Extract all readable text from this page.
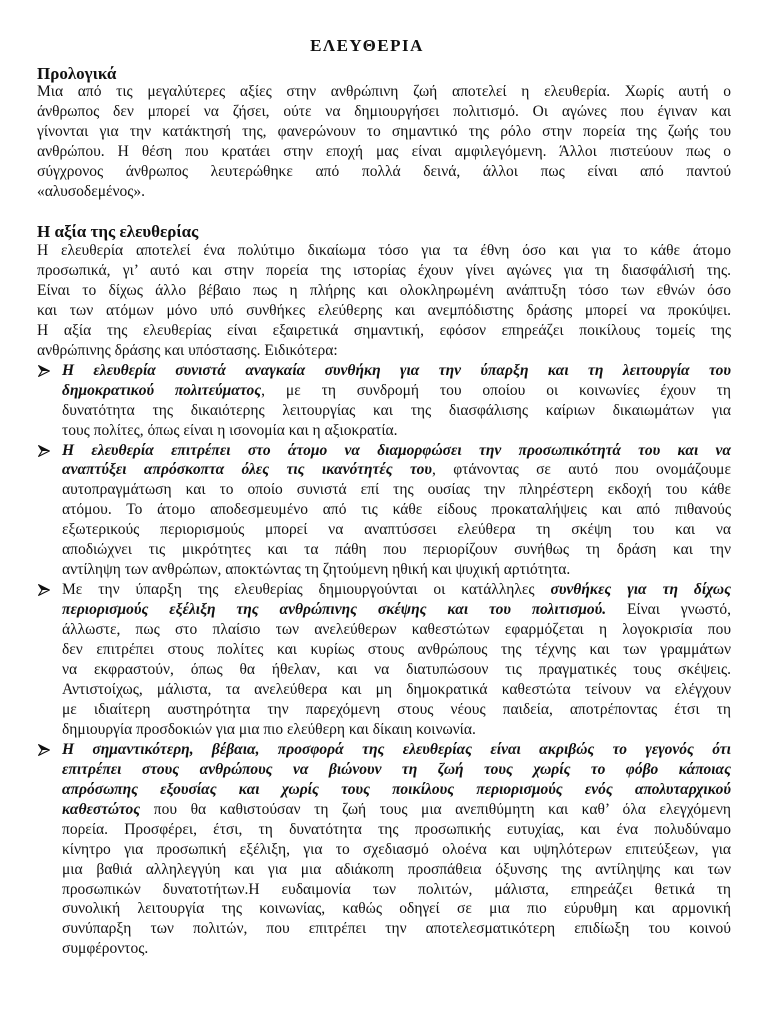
ΕΛΕΥΘΕΡΙΑ
Προλογικά
Μια από τις μεγαλύτερες αξίες στην ανθρώπινη ζωή αποτελεί η ελευθερία. Χωρίς αυτή ο
άνθρωπος δεν μπορεί να ζήσει, ούτε να δημιουργήσει πολιτισμό. Οι αγώνες που έγιναν και
γίνονται για την κατάκτησή της, φανερώνουν το σημαντικό της ρόλο στην πορεία της ζωής του
ανθρώπου. Η θέση που κρατάει στην εποχή μας είναι αμφιλεγόμενη. Άλλοι πιστεύουν πως ο
σύγχρονος άνθρωπος λευτερώθηκε από πολλά δεινά, άλλοι πως είναι από παντού
«αλυσοδεμένος».
Η αξία της ελευθερίας
Η ελευθερία αποτελεί ένα πολύτιμο δικαίωμα τόσο για τα έθνη όσο και για το κάθε άτομο
προσωπικά, γι’ αυτό και στην πορεία της ιστορίας έχουν γίνει αγώνες για τη διασφάλισή της.
Είναι το δίχως άλλο βέβαιο πως η πλήρης και ολοκληρωμένη ανάπτυξη τόσο των εθνών όσο
και των ατόμων μόνο υπό συνθήκες ελεύθερης και ανεμπόδιστης δράσης μπορεί να προκύψει.
Η αξία της ελευθερίας είναι εξαιρετικά σημαντική, εφόσον επηρεάζει ποικίλους τομείς της
ανθρώπινης δράσης και υπόστασης. Ειδικότερα:
Η ελευθερία συνιστά αναγκαία συνθήκη για την ύπαρξη και τη λειτουργία του
δημοκρατικού πολιτεύματος, με τη συνδρομή του οποίου οι κοινωνίες έχουν τη
δυνατότητα της δικαιότερης λειτουργίας και της διασφάλισης καίριων δικαιωμάτων για
τους πολίτες, όπως είναι η ισονομία και η αξιοκρατία.
Η ελευθερία επιτρέπει στο άτομο να διαμορφώσει την προσωπικότητά του και να
αναπτύξει απρόσκοπτα όλες τις ικανότητές του, φτάνοντας σε αυτό που ονομάζουμε
αυτοπραγμάτωση και το οποίο συνιστά επί της ουσίας την πληρέστερη εκδοχή του κάθε
ατόμου. Το άτομο αποδεσμευμένο από τις κάθε είδους προκαταλήψεις και από πιθανούς
εξωτερικούς περιορισμούς μπορεί να αναπτύσσει ελεύθερα τη σκέψη του και να
αποδιώχνει τις μικρότητες και τα πάθη που περιορίζουν συνήθως τη δράση και την
αντίληψη των ανθρώπων, αποκτώντας τη ζητούμενη ηθική και ψυχική αρτιότητα.
Με την ύπαρξη της ελευθερίας δημιουργούνται οι κατάλληλες συνθήκες για τη δίχως
περιορισμούς εξέλιξη της ανθρώπινης σκέψης και του πολιτισμού. Είναι γνωστό,
άλλωστε, πως στο πλαίσιο των ανελεύθερων καθεστώτων εφαρμόζεται η λογοκρισία που
δεν επιτρέπει στους πολίτες και κυρίως στους ανθρώπους της τέχνης και των γραμμάτων
να εκφραστούν, όπως θα ήθελαν, και να διατυπώσουν τις πραγματικές τους σκέψεις.
Αντιστοίχως, μάλιστα, τα ανελεύθερα και μη δημοκρατικά καθεστώτα τείνουν να ελέγχουν
με ιδιαίτερη αυστηρότητα την παρεχόμενη στους νέους παιδεία, αποτρέποντας έτσι τη
δημιουργία προσδοκιών για μια πιο ελεύθερη και δίκαιη κοινωνία.
Η σημαντικότερη, βέβαια, προσφορά της ελευθερίας είναι ακριβώς το γεγονός ότι
επιτρέπει στους ανθρώπους να βιώνουν τη ζωή τους χωρίς το φόβο κάποιας
απρόσωπης εξουσίας και χωρίς τους ποικίλους περιορισμούς ενός απολυταρχικού
καθεστώτος που θα καθιστούσαν τη ζωή τους μια ανεπιθύμητη και καθ’ όλα ελεγχόμενη
πορεία. Προσφέρει, έτσι, τη δυνατότητα της προσωπικής ευτυχίας, και ένα πολυδύναμο
κίνητρο για προσωπική εξέλιξη, για το σχεδιασμό ολοένα και υψηλότερων επιτεύξεων, για
μια βαθιά αλληλεγγύη και για μια αδιάκοπη προσπάθεια όξυνσης της αντίληψης και των
προσωπικών δυνατοτήτων.Η ευδαιμονία των πολιτών, μάλιστα, επηρεάζει θετικά τη
συνολική λειτουργία της κοινωνίας, καθώς οδηγεί σε μια πιο εύρυθμη και αρμονική
συνύπαρξη των πολιτών, που επιτρέπει την αποτελεσματικότερη επιδίωξη του κοινού
συμφέροντος.
